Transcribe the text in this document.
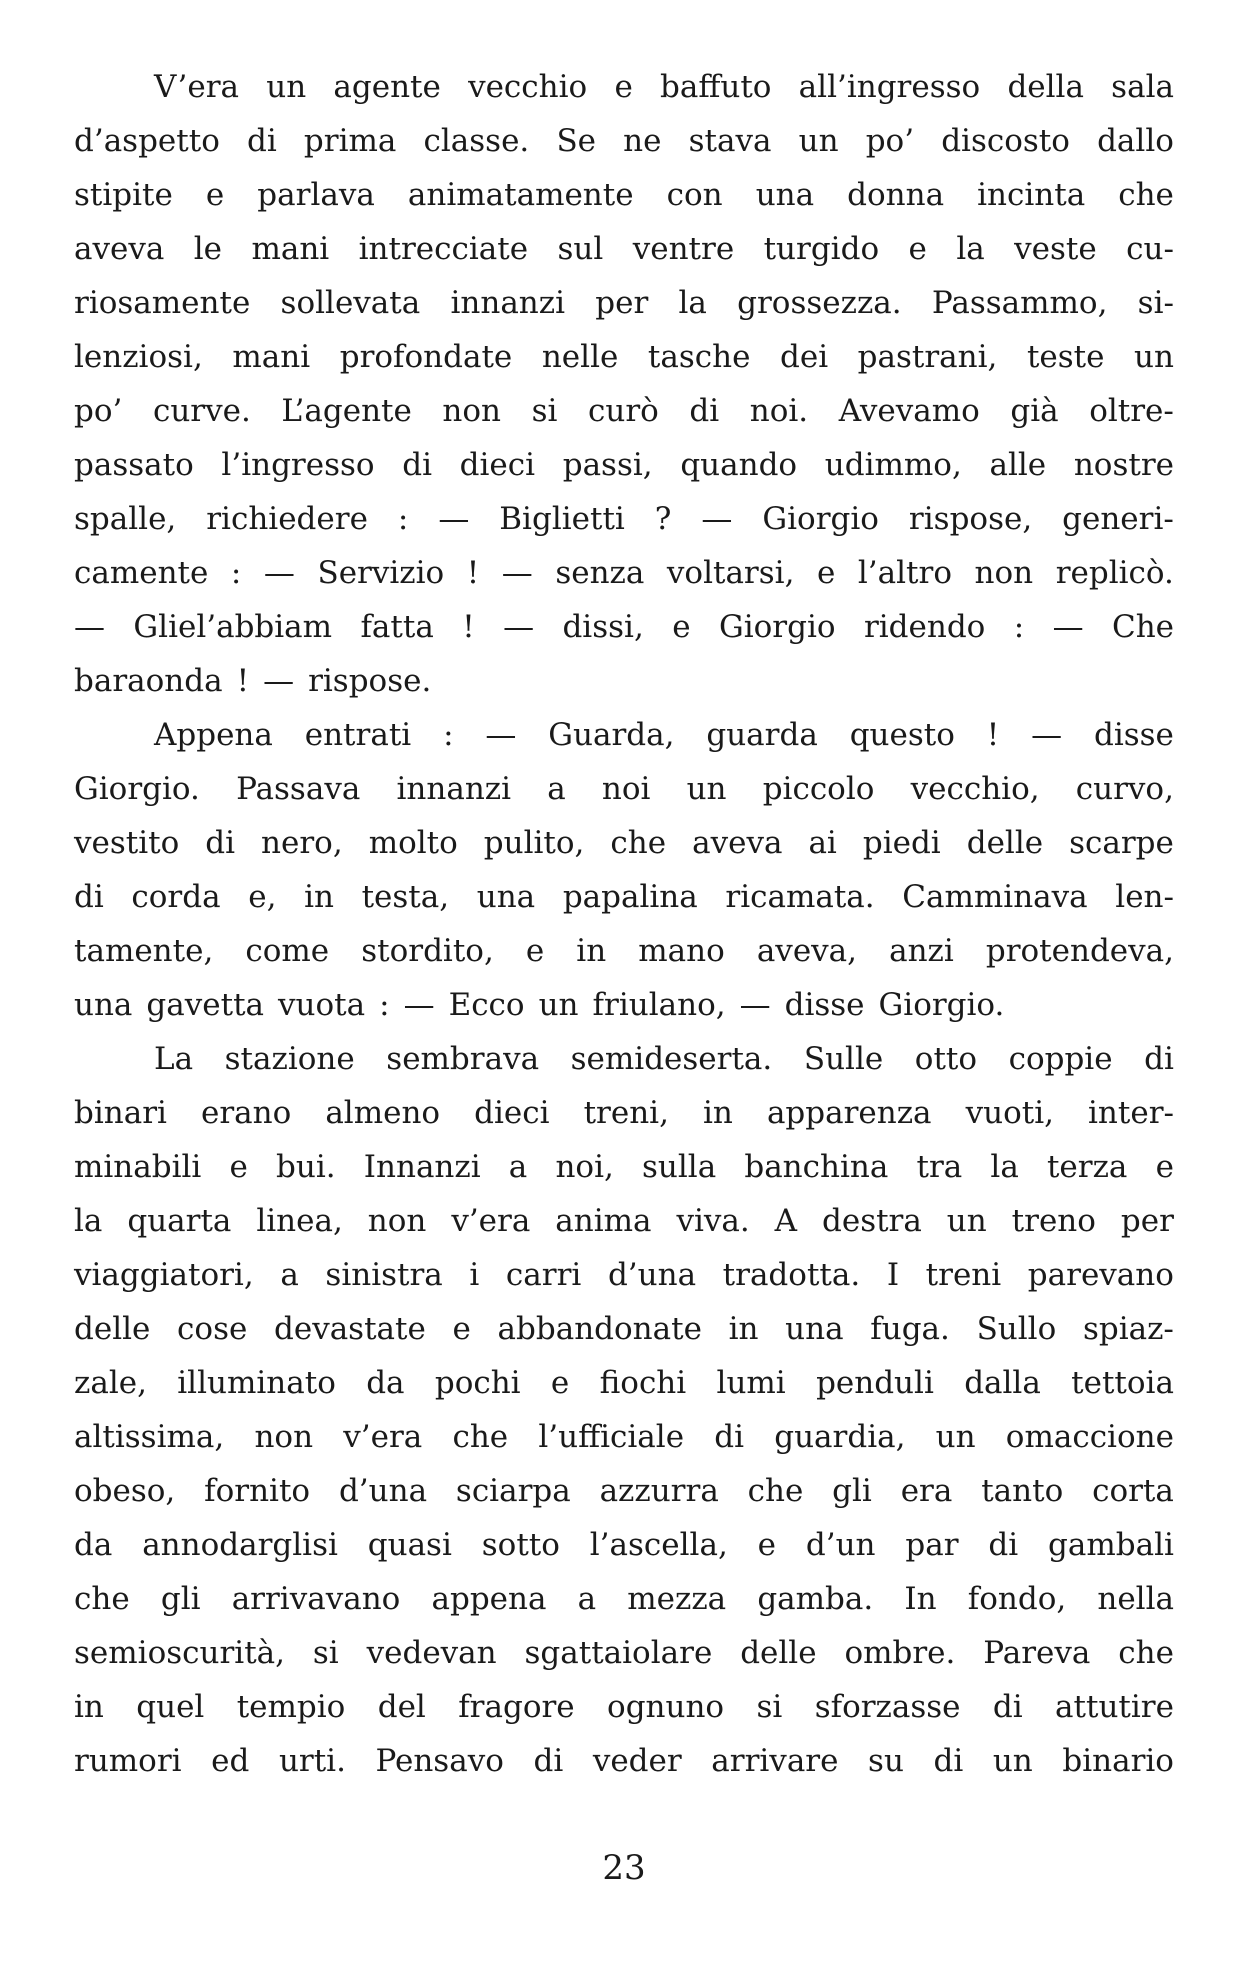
V’era un agente vecchio e baffuto all’ingresso della sala
d’aspetto di prima classe. Se ne stava un po’ discosto dallo
stipite e parlava animatamente con una donna incinta che
aveva le mani intrecciate sul ventre turgido e la veste cu-
riosamente sollevata innanzi per la grossezza. Passammo, si-
lenziosi, mani profondate nelle tasche dei pastrani, teste un
po’ curve. L’agente non si curò di noi. Avevamo già oltre-
passato l’ingresso di dieci passi, quando udimmo, alle nostre
spalle, richiedere : — Biglietti ? — Giorgio rispose, generi-
camente : — Servizio ! — senza voltarsi, e l’altro non replicò.
— Gliel’abbiam fatta ! — dissi, e Giorgio ridendo : — Che
baraonda ! — rispose.
Appena entrati : — Guarda, guarda questo ! — disse
Giorgio. Passava innanzi a noi un piccolo vecchio, curvo,
vestito di nero, molto pulito, che aveva ai piedi delle scarpe
di corda e, in testa, una papalina ricamata. Camminava len-
tamente, come stordito, e in mano aveva, anzi protendeva,
una gavetta vuota : — Ecco un friulano, — disse Giorgio.
La stazione sembrava semideserta. Sulle otto coppie di
binari erano almeno dieci treni, in apparenza vuoti, inter-
minabili e bui. Innanzi a noi, sulla banchina tra la terza e
la quarta linea, non v’era anima viva. A destra un treno per
viaggiatori, a sinistra i carri d’una tradotta. I treni parevano
delle cose devastate e abbandonate in una fuga. Sullo spiaz-
zale, illuminato da pochi e fiochi lumi penduli dalla tettoia
altissima, non v’era che l’ufficiale di guardia, un omaccione
obeso, fornito d’una sciarpa azzurra che gli era tanto corta
da annodarglisi quasi sotto l’ascella, e d’un par di gambali
che gli arrivavano appena a mezza gamba. In fondo, nella
semioscurità, si vedevan sgattaiolare delle ombre. Pareva che
in quel tempio del fragore ognuno si sforzasse di attutire
rumori ed urti. Pensavo di veder arrivare su di un binario
23
